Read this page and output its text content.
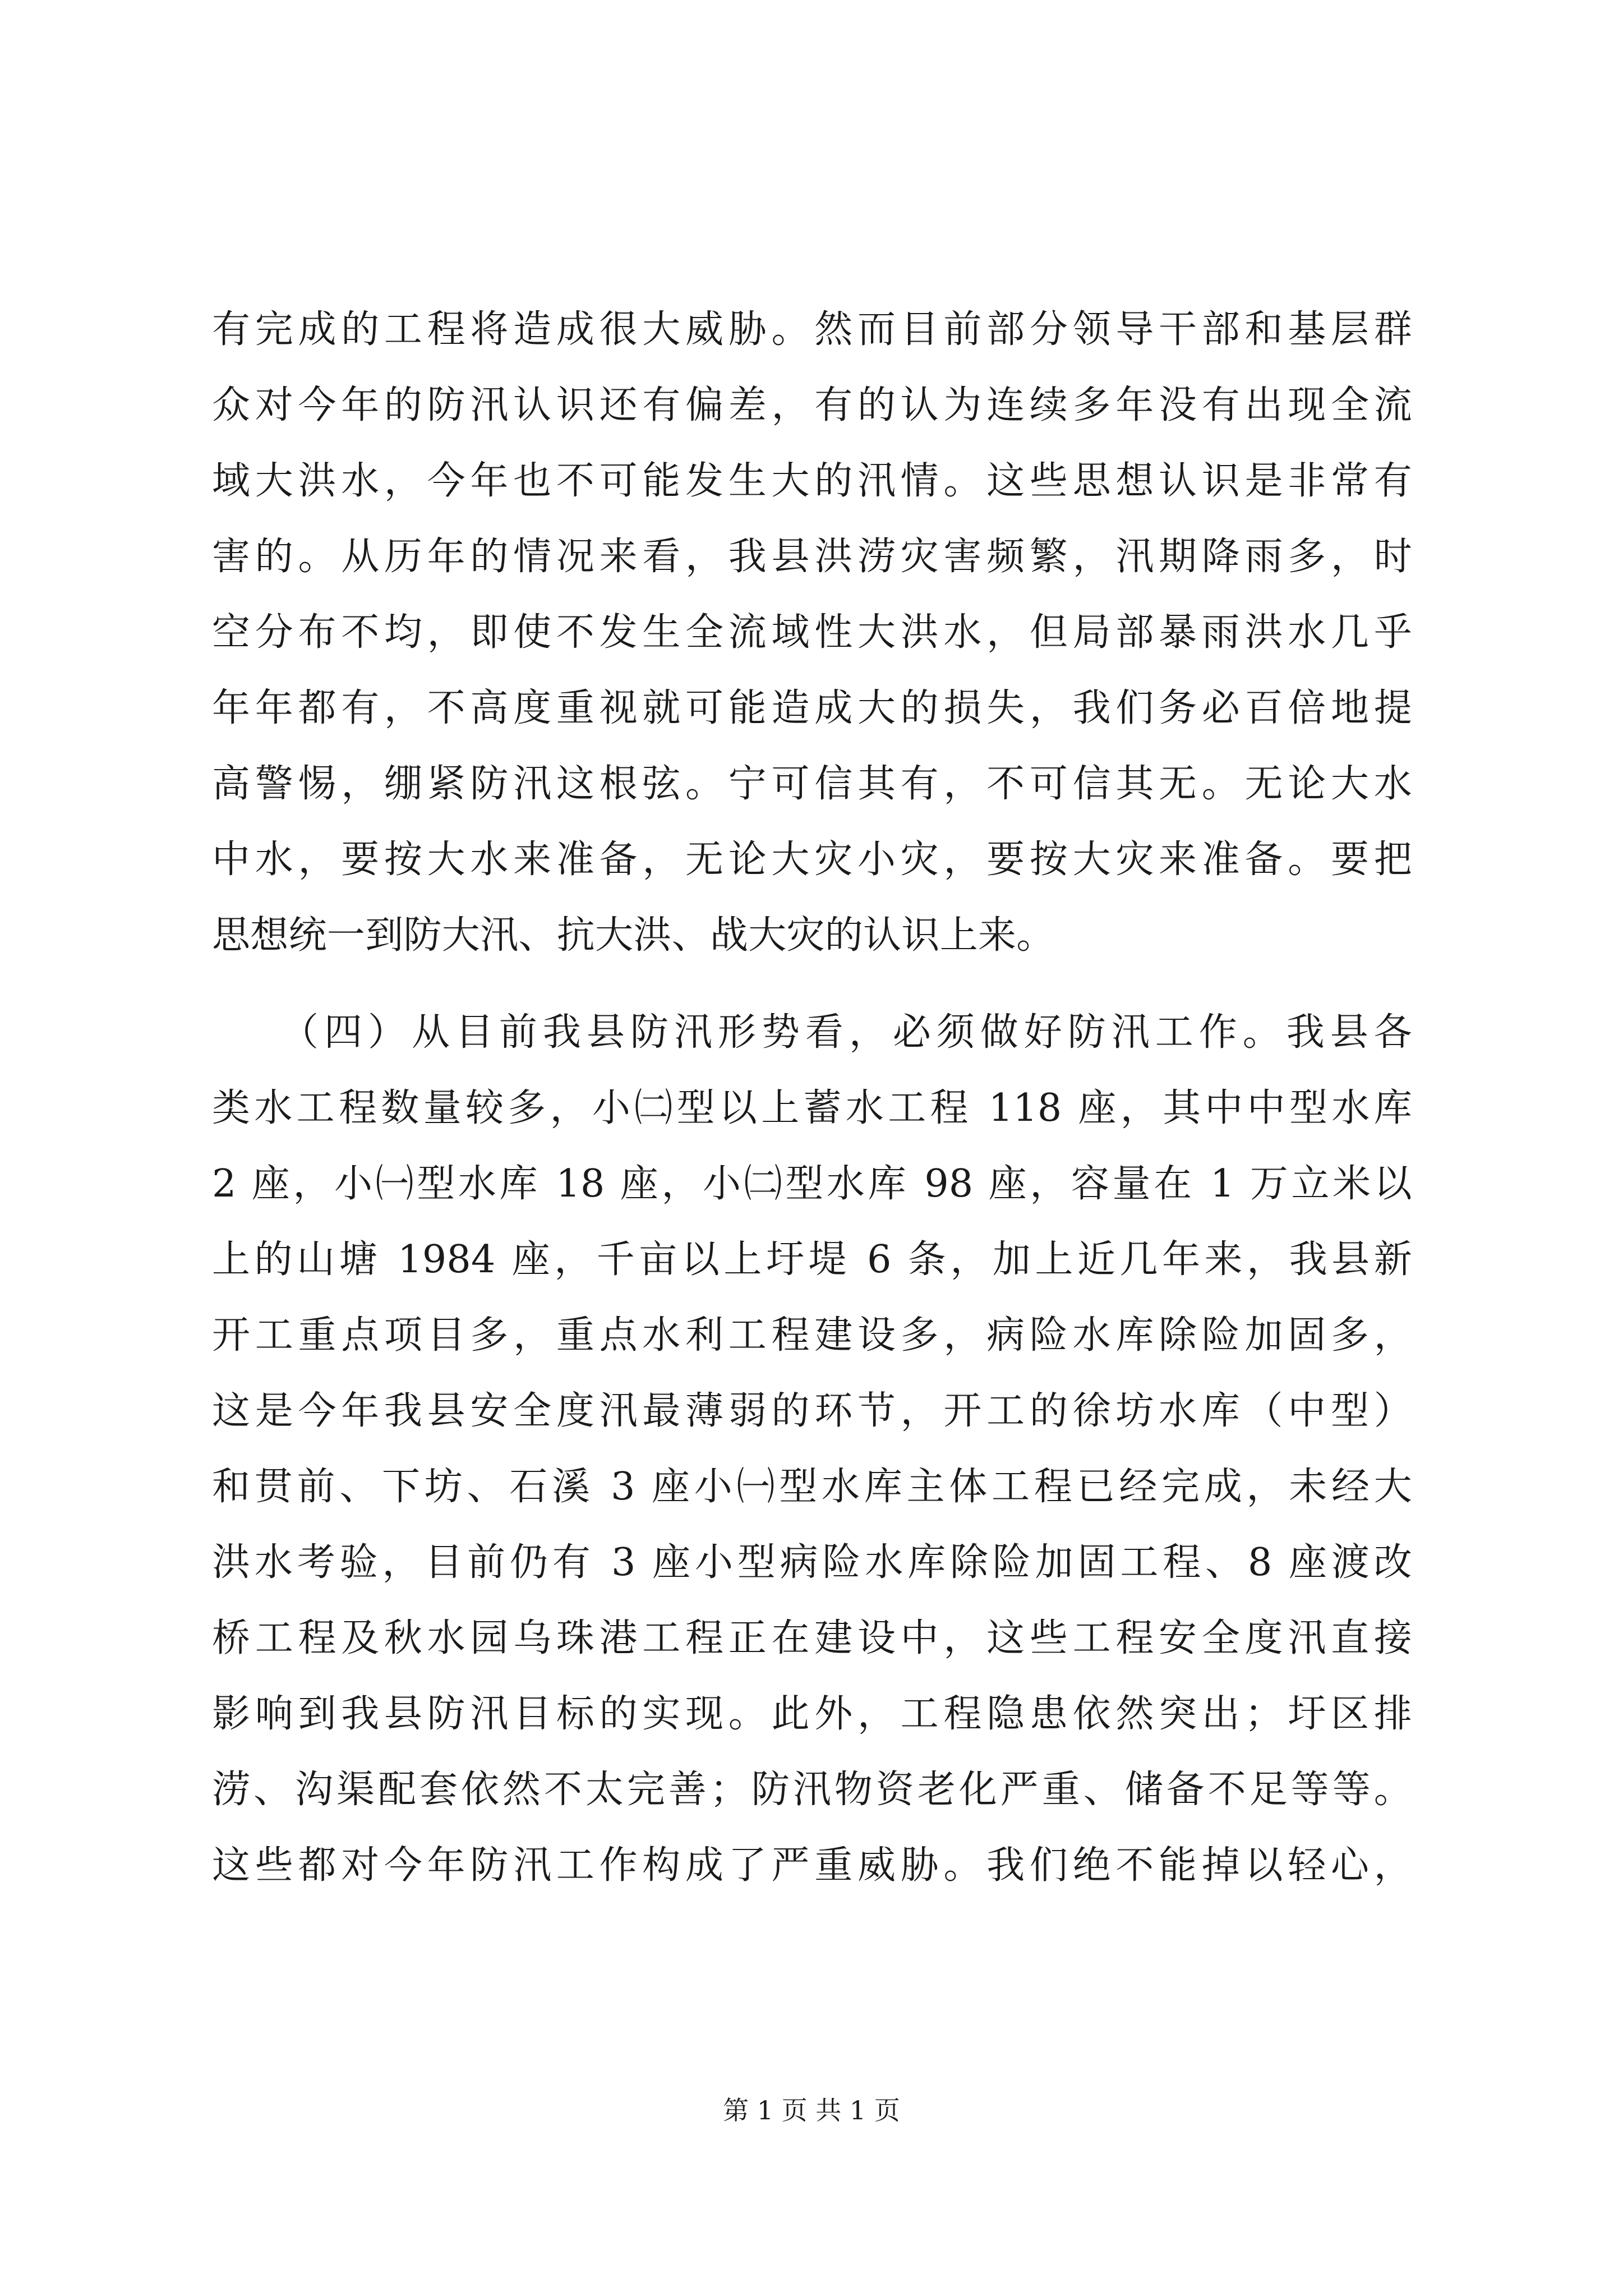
有完成的工程将造成很大威胁。然而目前部分领导干部和基层群
众对今年的防汛认识还有偏差，有的认为连续多年没有出现全流
域大洪水，今年也不可能发生大的汛情。这些思想认识是非常有
害的。从历年的情况来看，我县洪涝灾害频繁，汛期降雨多，时
空分布不均，即使不发生全流域性大洪水，但局部暴雨洪水几乎
年年都有，不高度重视就可能造成大的损失，我们务必百倍地提
高警惕，绷紧防汛这根弦。宁可信其有，不可信其无。无论大水
中水，要按大水来准备，无论大灾小灾，要按大灾来准备。要把
思想统一到防大汛、抗大洪、战大灾的认识上来。
　　（四）从目前我县防汛形势看，必须做好防汛工作。我县各
类水工程数量较多，小㈡型以上蓄水工程 118 座，其中中型水库
2 座，小㈠型水库 18 座，小㈡型水库 98 座，容量在 1 万立米以
上的山塘 1984 座，千亩以上圩堤 6 条，加上近几年来，我县新
开工重点项目多，重点水利工程建设多，病险水库除险加固多，
这是今年我县安全度汛最薄弱的环节，开工的徐坊水库（中型）
和贯前、下坊、石溪 3 座小㈠型水库主体工程已经完成，未经大
洪水考验，目前仍有 3 座小型病险水库除险加固工程、8 座渡改
桥工程及秋水园乌珠港工程正在建设中，这些工程安全度汛直接
影响到我县防汛目标的实现。此外，工程隐患依然突出；圩区排
涝、沟渠配套依然不太完善；防汛物资老化严重、储备不足等等。
这些都对今年防汛工作构成了严重威胁。我们绝不能掉以轻心，
第 1 页 共 1 页
